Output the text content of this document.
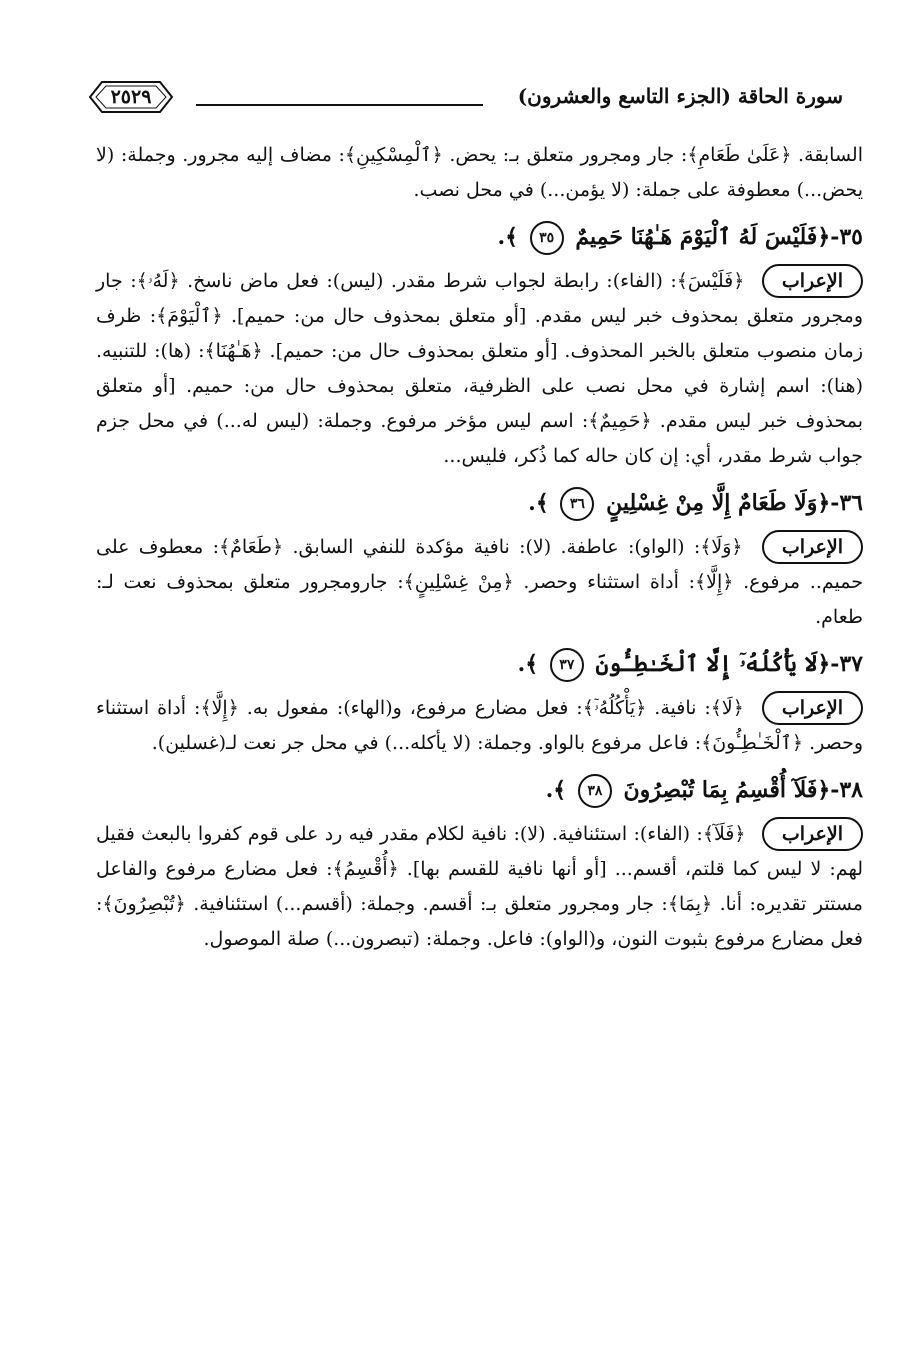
سورة الحاقة (الجزء التاسع والعشرون)
٢٥٢٩

السابقة. ﴿عَلَىٰ طَعَامِ﴾: جار ومجرور متعلق بـ: يحض. ﴿ٱلْمِسْكِينِ﴾: مضاف إليه مجرور. وجملة: (لا يحض...) معطوفة على جملة: (لا يؤمن...) في محل نصب.

٣٥-﴿فَلَيْسَ لَهُ ٱلْيَوْمَ هَـٰهُنَا حَمِيمٌ ٣٥ ﴾.

الإعراب ﴿فَلَيْسَ﴾: (الفاء): رابطة لجواب شرط مقدر. (ليس): فعل ماض ناسخ. ﴿لَهُۥ﴾: جار ومجرور متعلق بمحذوف خبر ليس مقدم. [أو متعلق بمحذوف حال من: حميم]. ﴿ٱلْيَوْمَ﴾: ظرف زمان منصوب متعلق بالخبر المحذوف. [أو متعلق بمحذوف حال من: حميم]. ﴿هَـٰهُنَا﴾: (ها): للتنبيه. (هنا): اسم إشارة في محل نصب على الظرفية، متعلق بمحذوف حال من: حميم. [أو متعلق بمحذوف خبر ليس مقدم. ﴿حَمِيمٌ﴾: اسم ليس مؤخر مرفوع. وجملة: (ليس له...) في محل جزم جواب شرط مقدر، أي: إن كان حاله كما ذُكر، فليس...

٣٦-﴿وَلَا طَعَامٌ إِلَّا مِنْ غِسْلِينٍ ٣٦ ﴾.

الإعراب ﴿وَلَا﴾: (الواو): عاطفة. (لا): نافية مؤكدة للنفي السابق. ﴿طَعَامٌ﴾: معطوف على حميم.. مرفوع. ﴿إِلَّا﴾: أداة استثناء وحصر. ﴿مِنْ غِسْلِينٍ﴾: جارومجرور متعلق بمحذوف نعت لـ: طعام.

٣٧-﴿لَا يَأْكُلُهُۥٓ إِلَّا ٱلْخَـٰطِـُٔونَ ٣٧ ﴾.

الإعراب ﴿لَا﴾: نافية. ﴿يَأْكُلُهُۥٓ﴾: فعل مضارع مرفوع، و(الهاء): مفعول به. ﴿إِلَّا﴾: أداة استثناء وحصر. ﴿ٱلْخَـٰطِـُٔونَ﴾: فاعل مرفوع بالواو. وجملة: (لا يأكله...) في محل جر نعت لـ(غسلين).

٣٨-﴿فَلَآ أُقْسِمُ بِمَا تُبْصِرُونَ ٣٨ ﴾.

الإعراب ﴿فَلَآ﴾: (الفاء): استئنافية. (لا): نافية لكلام مقدر فيه رد على قوم كفروا بالبعث فقيل لهم: لا ليس كما قلتم، أقسم... [أو أنها نافية للقسم بها]. ﴿أُقْسِمُ﴾: فعل مضارع مرفوع والفاعل مستتر تقديره: أنا. ﴿بِمَا﴾: جار ومجرور متعلق بـ: أقسم. وجملة: (أقسم...) استئنافية. ﴿تُبْصِرُونَ﴾: فعل مضارع مرفوع بثبوت النون، و(الواو): فاعل. وجملة: (تبصرون...) صلة الموصول.
